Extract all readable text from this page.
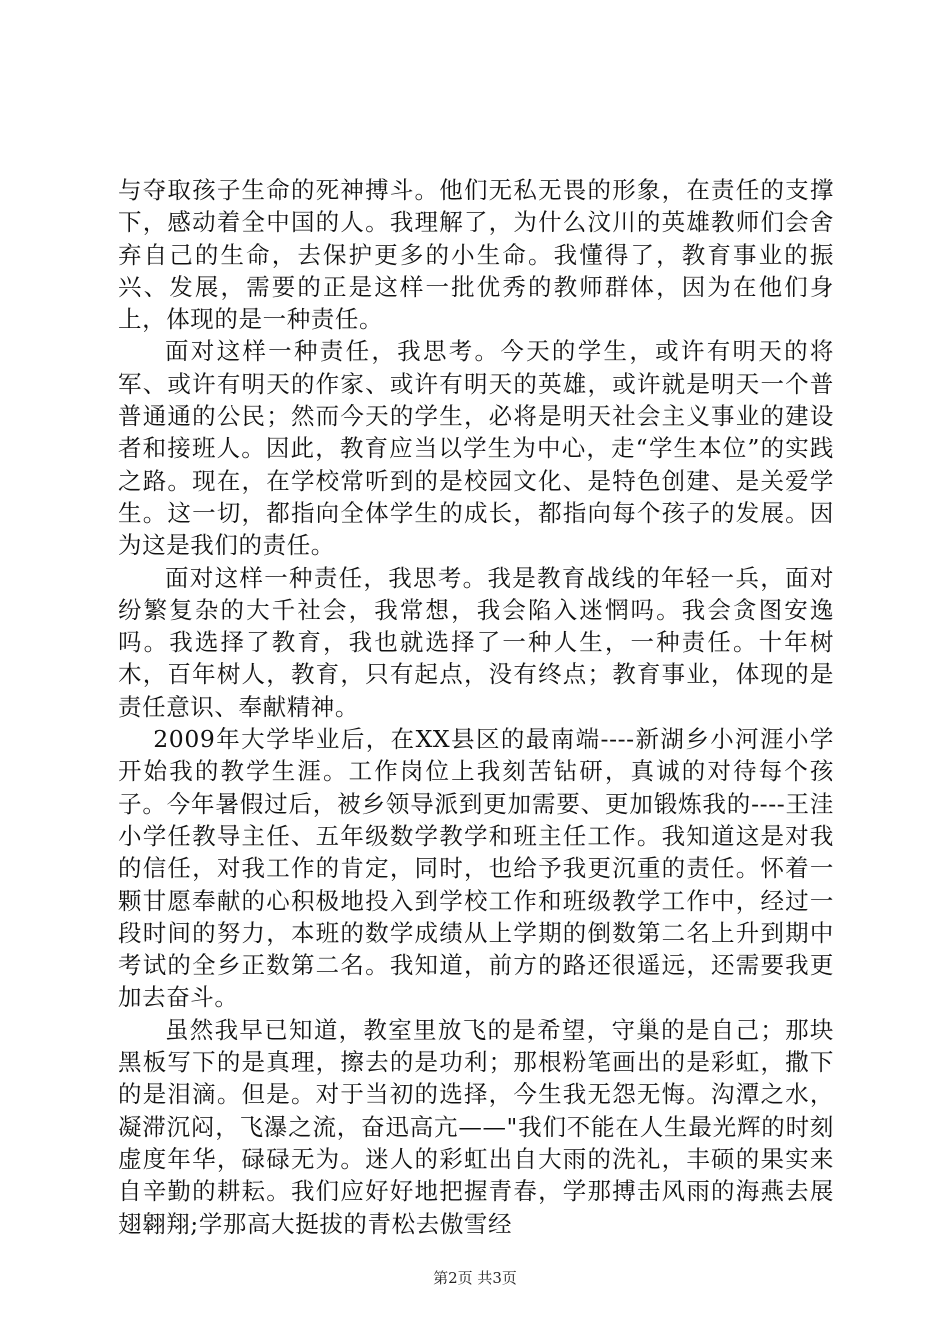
与夺取孩子生命的死神搏斗。他们无私无畏的形象，在责任的支撑下，感动着全中国的人。我理解了，为什么汶川的英雄教师们会舍弃自己的生命，去保护更多的小生命。我懂得了，教育事业的振兴、发展，需要的正是这样一批优秀的教师群体，因为在他们身上，体现的是一种责任。

面对这样一种责任，我思考。今天的学生，或许有明天的将军、或许有明天的作家、或许有明天的英雄，或许就是明天一个普普通通的公民；然而今天的学生，必将是明天社会主义事业的建设者和接班人。因此，教育应当以学生为中心，走“学生本位”的实践之路。现在，在学校常听到的是校园文化、是特色创建、是关爱学生。这一切，都指向全体学生的成长，都指向每个孩子的发展。因为这是我们的责任。

面对这样一种责任，我思考。我是教育战线的年轻一兵，面对纷繁复杂的大千社会，我常想，我会陷入迷惘吗。我会贪图安逸吗。我选择了教育，我也就选择了一种人生，一种责任。十年树木，百年树人，教育，只有起点，没有终点；教育事业，体现的是责任意识、奉献精神。

2009年大学毕业后，在XX县区的最南端----新湖乡小河涯小学开始我的教学生涯。工作岗位上我刻苦钻研，真诚的对待每个孩子。今年暑假过后，被乡领导派到更加需要、更加锻炼我的----王洼小学任教导主任、五年级数学教学和班主任工作。我知道这是对我的信任，对我工作的肯定，同时，也给予我更沉重的责任。怀着一颗甘愿奉献的心积极地投入到学校工作和班级教学工作中，经过一段时间的努力，本班的数学成绩从上学期的倒数第二名上升到期中考试的全乡正数第二名。我知道，前方的路还很遥远，还需要我更加去奋斗。

虽然我早已知道，教室里放飞的是希望，守巢的是自己；那块黑板写下的是真理，擦去的是功利；那根粉笔画出的是彩虹，撒下的是泪滴。但是。对于当初的选择，今生我无怨无悔。沟潭之水，凝滞沉闷，飞瀑之流，奋迅高亢——"我们不能在人生最光辉的时刻虚度年华，碌碌无为。迷人的彩虹出自大雨的洗礼，丰硕的果实来自辛勤的耕耘。我们应好好地把握青春，学那搏击风雨的海燕去展翅翱翔;学那高大挺拔的青松去傲雪经

第2页 共3页
